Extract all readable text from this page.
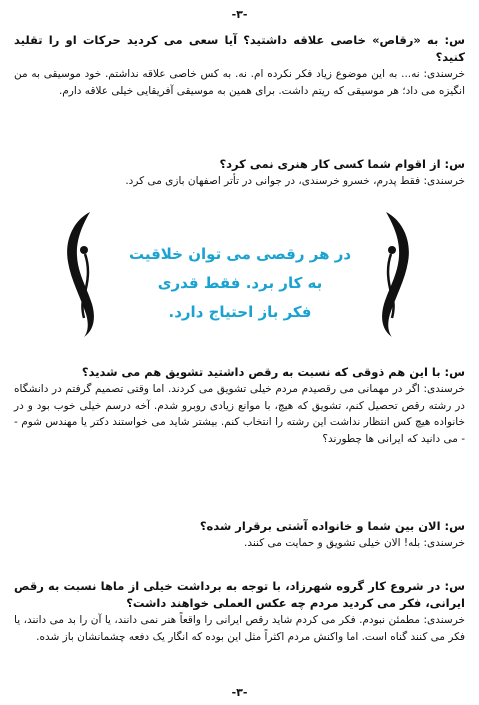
-۳-

س: به «رقاص» خاصی علاقه داشتید؟ آیا سعی می کردید حرکات او را تقلید کنید؟

خرسندی: نه... به این موضوع زیاد فکر نکرده ام. نه. به کس خاصی علاقه نداشتم. خود موسیقی به من انگیزه می داد؛ هر موسیقی که ریتم داشت. برای همین به موسیقی آفریقایی خیلی علاقه دارم.

س: از اقوام شما کسی کار هنری نمی کرد؟

خرسندی: فقط پدرم، خسرو خرسندی، در جوانی در تأتر اصفهان بازی می کرد.

در هر رقصی می توان خلاقیت
به کار برد. فقط قدری
فکر باز احتیاج دارد.

س: با این هم ذوقی که نسبت به رقص داشتید تشویق هم می شدید؟

خرسندی: اگر در مهمانی می رقصیدم مردم خیلی تشویق می کردند. اما وقتی تصمیم گرفتم در دانشگاه در رشته رقص تحصیل کنم، تشویق که هیچ، با موانع زیادی روبرو شدم. آخه درسم خیلی خوب بود و در خانواده هیچ کس انتظار نداشت این رشته را انتخاب کنم. بیشتر شاید می خواستند دکتر یا مهندس شوم -- می دانید که ایرانی ها چطورند؟

س: الان بین شما و خانواده آشتی برقرار شده؟

خرسندی: بله! الان خیلی تشویق و حمایت می کنند.

س: در شروع کار گروه شهرزاد، با توجه به برداشت خیلی از ماها نسبت به رقص ایرانی، فکر می کردید مردم چه عکس العملی خواهند داشت؟

خرسندی: مطمئن نبودم. فکر می کردم شاید رقص ایرانی را واقعاً هنر نمی دانند، یا آن را بد می دانند، یا فکر می کنند گناه است. اما واکنش مردم اکثراً مثل این بوده که انگار یک دفعه چشمانشان باز شده.

-۳-
